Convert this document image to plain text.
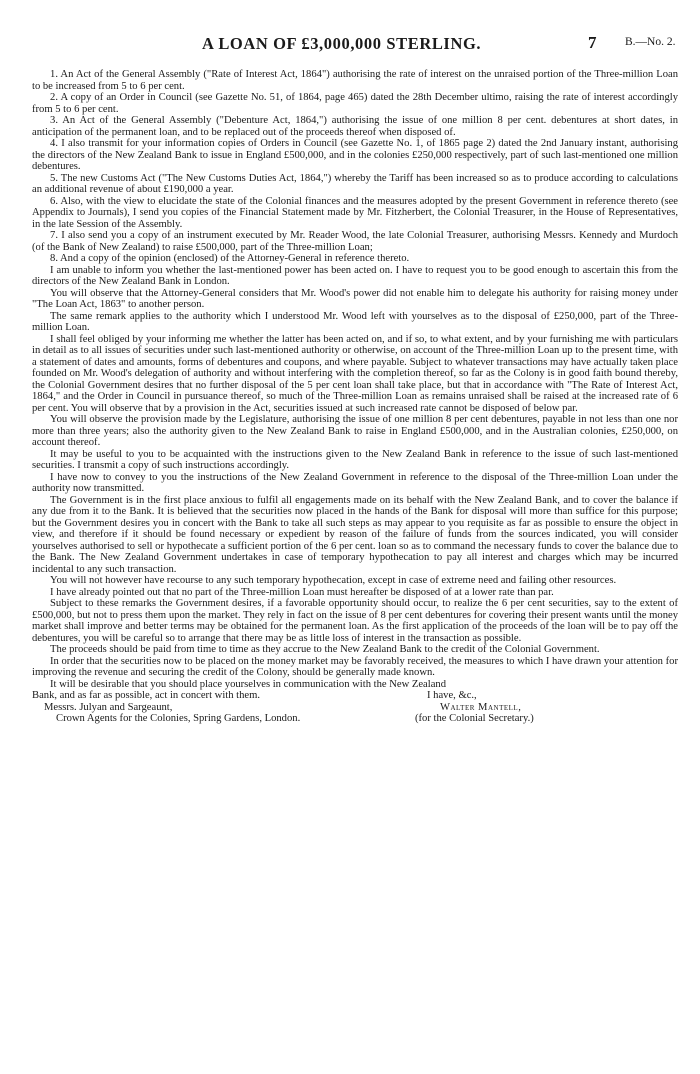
A LOAN OF £3,000,000 STERLING.	7 B.—No. 2.

1. An Act of the General Assembly ("Rate of Interest Act, 1864") authorising the rate of interest on the unraised portion of the Three-million Loan to be increased from 5 to 6 per cent.

2. A copy of an Order in Council (see Gazette No. 51, of 1864, page 465) dated the 28th December ultimo, raising the rate of interest accordingly from 5 to 6 per cent.

3. An Act of the General Assembly ("Debenture Act, 1864,") authorising the issue of one million 8 per cent. debentures at short dates, in anticipation of the permanent loan, and to be replaced out of the proceeds thereof when disposed of.

4. I also transmit for your information copies of Orders in Council (see Gazette No. 1, of 1865 page 2) dated the 2nd January instant, authorising the directors of the New Zealand Bank to issue in England £500,000, and in the colonies £250,000 respectively, part of such last-mentioned one million debentures.

5. The new Customs Act ("The New Customs Duties Act, 1864,") whereby the Tariff has been increased so as to produce according to calculations an additional revenue of about £190,000 a year.

6. Also, with the view to elucidate the state of the Colonial finances and the measures adopted by the present Government in reference thereto (see Appendix to Journals), I send you copies of the Financial Statement made by Mr. Fitzherbert, the Colonial Treasurer, in the House of Representatives, in the late Session of the Assembly.

7. I also send you a copy of an instrument executed by Mr. Reader Wood, the late Colonial Treasurer, authorising Messrs. Kennedy and Murdoch (of the Bank of New Zealand) to raise £500,000, part of the Three-million Loan;

8. And a copy of the opinion (enclosed) of the Attorney-General in reference thereto.

I am unable to inform you whether the last-mentioned power has been acted on. I have to request you to be good enough to ascertain this from the directors of the New Zealand Bank in London.

You will observe that the Attorney-General considers that Mr. Wood's power did not enable him to delegate his authority for raising money under "The Loan Act, 1863" to another person.

The same remark applies to the authority which I understood Mr. Wood left with yourselves as to the disposal of £250,000, part of the Three-million Loan.

I shall feel obliged by your informing me whether the latter has been acted on, and if so, to what extent, and by your furnishing me with particulars in detail as to all issues of securities under such last-mentioned authority or otherwise, on account of the Three-million Loan up to the present time, with a statement of dates and amounts, forms of debentures and coupons, and where payable. Subject to whatever transactions may have actually taken place founded on Mr. Wood's delegation of authority and without interfering with the completion thereof, so far as the Colony is in good faith bound thereby, the Colonial Government desires that no further disposal of the 5 per cent loan shall take place, but that in accordance with "The Rate of Interest Act, 1864," and the Order in Council in pursuance thereof, so much of the Three-million Loan as remains unraised shall be raised at the increased rate of 6 per cent. You will observe that by a provision in the Act, securities issued at such increased rate cannot be disposed of below par.

You will observe the provision made by the Legislature, authorising the issue of one million 8 per cent debentures, payable in not less than one nor more than three years; also the authority given to the New Zealand Bank to raise in England £500,000, and in the Australian colonies, £250,000, on account thereof.

It may be useful to you to be acquainted with the instructions given to the New Zealand Bank in reference to the issue of such last-mentioned securities. I transmit a copy of such instructions accordingly.

I have now to convey to you the instructions of the New Zealand Government in reference to the disposal of the Three-million Loan under the authority now transmitted.

The Government is in the first place anxious to fulfil all engagements made on its behalf with the New Zealand Bank, and to cover the balance if any due from it to the Bank. It is believed that the securities now placed in the hands of the Bank for disposal will more than suffice for this purpose; but the Government desires you in concert with the Bank to take all such steps as may appear to you requisite as far as possible to ensure the object in view, and therefore if it should be found necessary or expedient by reason of the failure of funds from the sources indicated, you will consider yourselves authorised to sell or hypothecate a sufficient portion of the 6 per cent. loan so as to command the necessary funds to cover the balance due to the Bank. The New Zealand Government undertakes in case of temporary hypothecation to pay all interest and charges which may be incurred incidental to any such transaction.

You will not however have recourse to any such temporary hypothecation, except in case of extreme need and failing other resources.

I have already pointed out that no part of the Three-million Loan must hereafter be disposed of at a lower rate than par.

Subject to these remarks the Government desires, if a favorable opportunity should occur, to realize the 6 per cent securities, say to the extent of £500,000, but not to press them upon the market. They rely in fact on the issue of 8 per cent debentures for covering their present wants until the money market shall improve and better terms may be obtained for the permanent loan. As the first application of the proceeds of the loan will be to pay off the debentures, you will be careful so to arrange that there may be as little loss of interest in the transaction as possible.

The proceeds should be paid from time to time as they accrue to the New Zealand Bank to the credit of the Colonial Government.

In order that the securities now to be placed on the money market may be favorably received, the measures to which I have drawn your attention for improving the revenue and securing the credit of the Colony, should be generally made known.

It will be desirable that you should place yourselves in communication with the New Zealand
Bank, and as far as possible, act in concert with them.
Messrs. Julyan and Sargeaunt,
Crown Agents for the Colonies, Spring Gardens, London.
I have, &c.,
Walter Mantell,
(for the Colonial Secretary.)
